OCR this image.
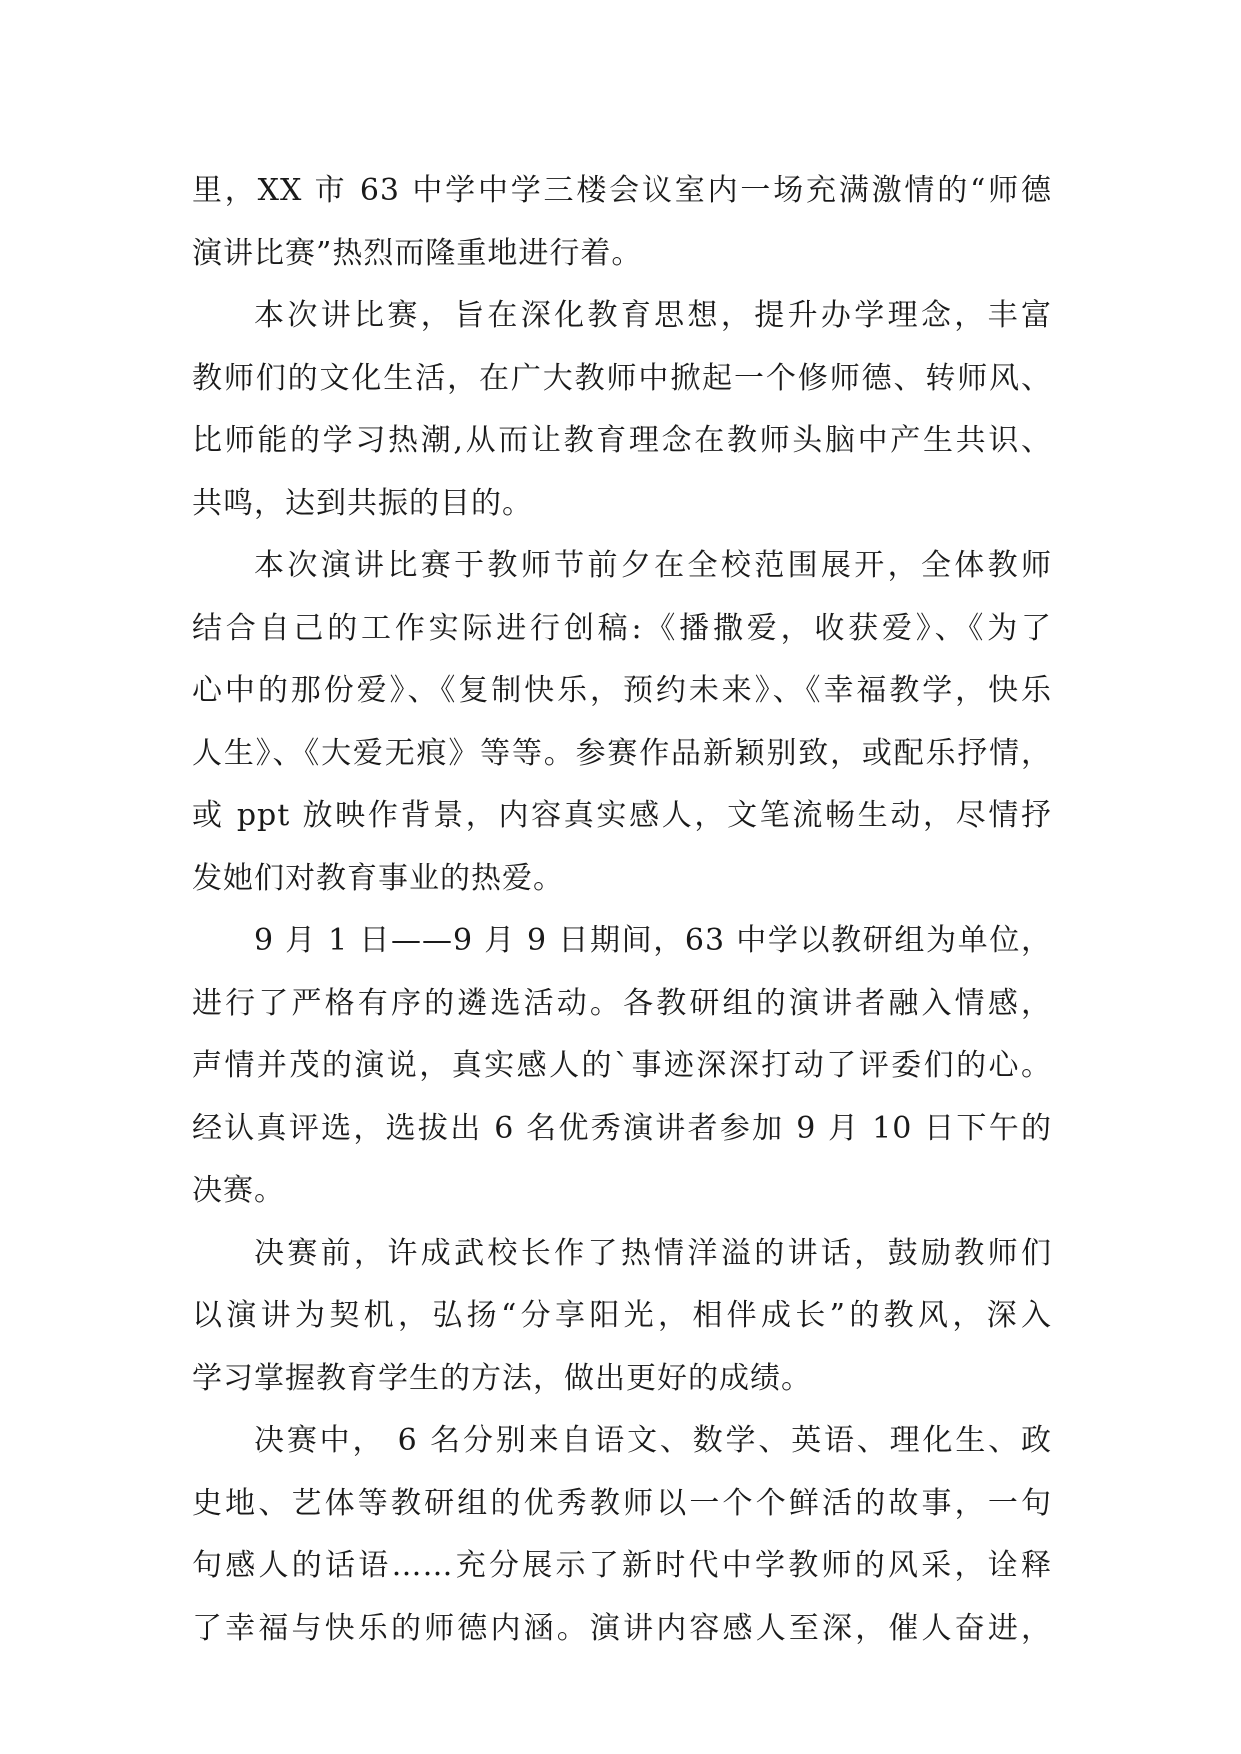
里，XX 市 63 中学中学三楼会议室内一场充满激情的“师德
演讲比赛”热烈而隆重地进行着。
本次讲比赛，旨在深化教育思想，提升办学理念，丰富
教师们的文化生活，在广大教师中掀起一个修师德、转师风、
比师能的学习热潮,从而让教育理念在教师头脑中产生共识、
共鸣，达到共振的目的。
本次演讲比赛于教师节前夕在全校范围展开，全体教师
结合自己的工作实际进行创稿:《播撒爱，收获爱》、《为了
心中的那份爱》、《复制快乐，预约未来》、《幸福教学，快乐
人生》、《大爱无痕》等等。参赛作品新颖别致，或配乐抒情，
或 ppt 放映作背景，内容真实感人，文笔流畅生动，尽情抒
发她们对教育事业的热爱。
9 月 1 日——9 月 9 日期间，63 中学以教研组为单位，
进行了严格有序的遴选活动。各教研组的演讲者融入情感，
声情并茂的演说，真实感人的`事迹深深打动了评委们的心。
经认真评选，选拔出 6 名优秀演讲者参加 9 月 10 日下午的
决赛。
决赛前，许成武校长作了热情洋溢的讲话，鼓励教师们
以演讲为契机，弘扬“分享阳光，相伴成长”的教风，深入
学习掌握教育学生的方法，做出更好的成绩。
决赛中， 6 名分别来自语文、数学、英语、理化生、政
史地、艺体等教研组的优秀教师以一个个鲜活的故事，一句
句感人的话语……充分展示了新时代中学教师的风采，诠释
了幸福与快乐的师德内涵。演讲内容感人至深，催人奋进，
